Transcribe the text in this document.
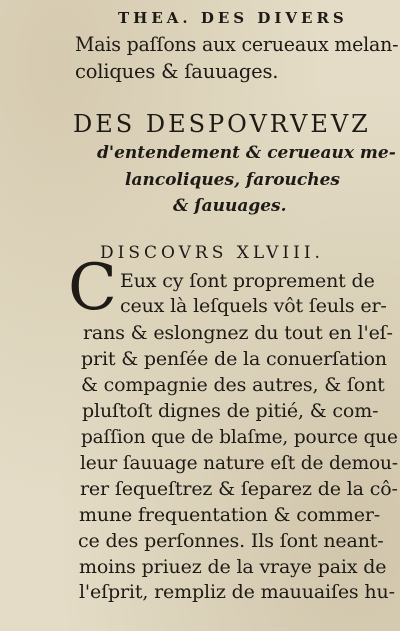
THEA. DES DIVERS
Mais paſſons aux cerueaux melan-
coliques & ſauuages.
DES DESPOVRVEVZ
d'entendement & cerueaux me-
lancoliques, farouches
& ſauuages.
DISCOVRS XLVIII.
C Eux cy ſont proprement de
ceux là leſquels vôt ſeuls er-
rans & eslongnez du tout en l'eſ-
prit & penſée de la conuerſation
& compagnie des autres, & ſont
pluſtoſt dignes de pitié, & com-
paſſion que de blaſme, pource que
leur ſauuage nature eſt de demou-
rer ſequeſtrez & ſeparez de la cô-
mune frequentation & commer-
ce des perſonnes. Ils ſont neant-
moins priuez de la vraye paix de
l'eſprit, rempliz de mauuaiſes hu-
